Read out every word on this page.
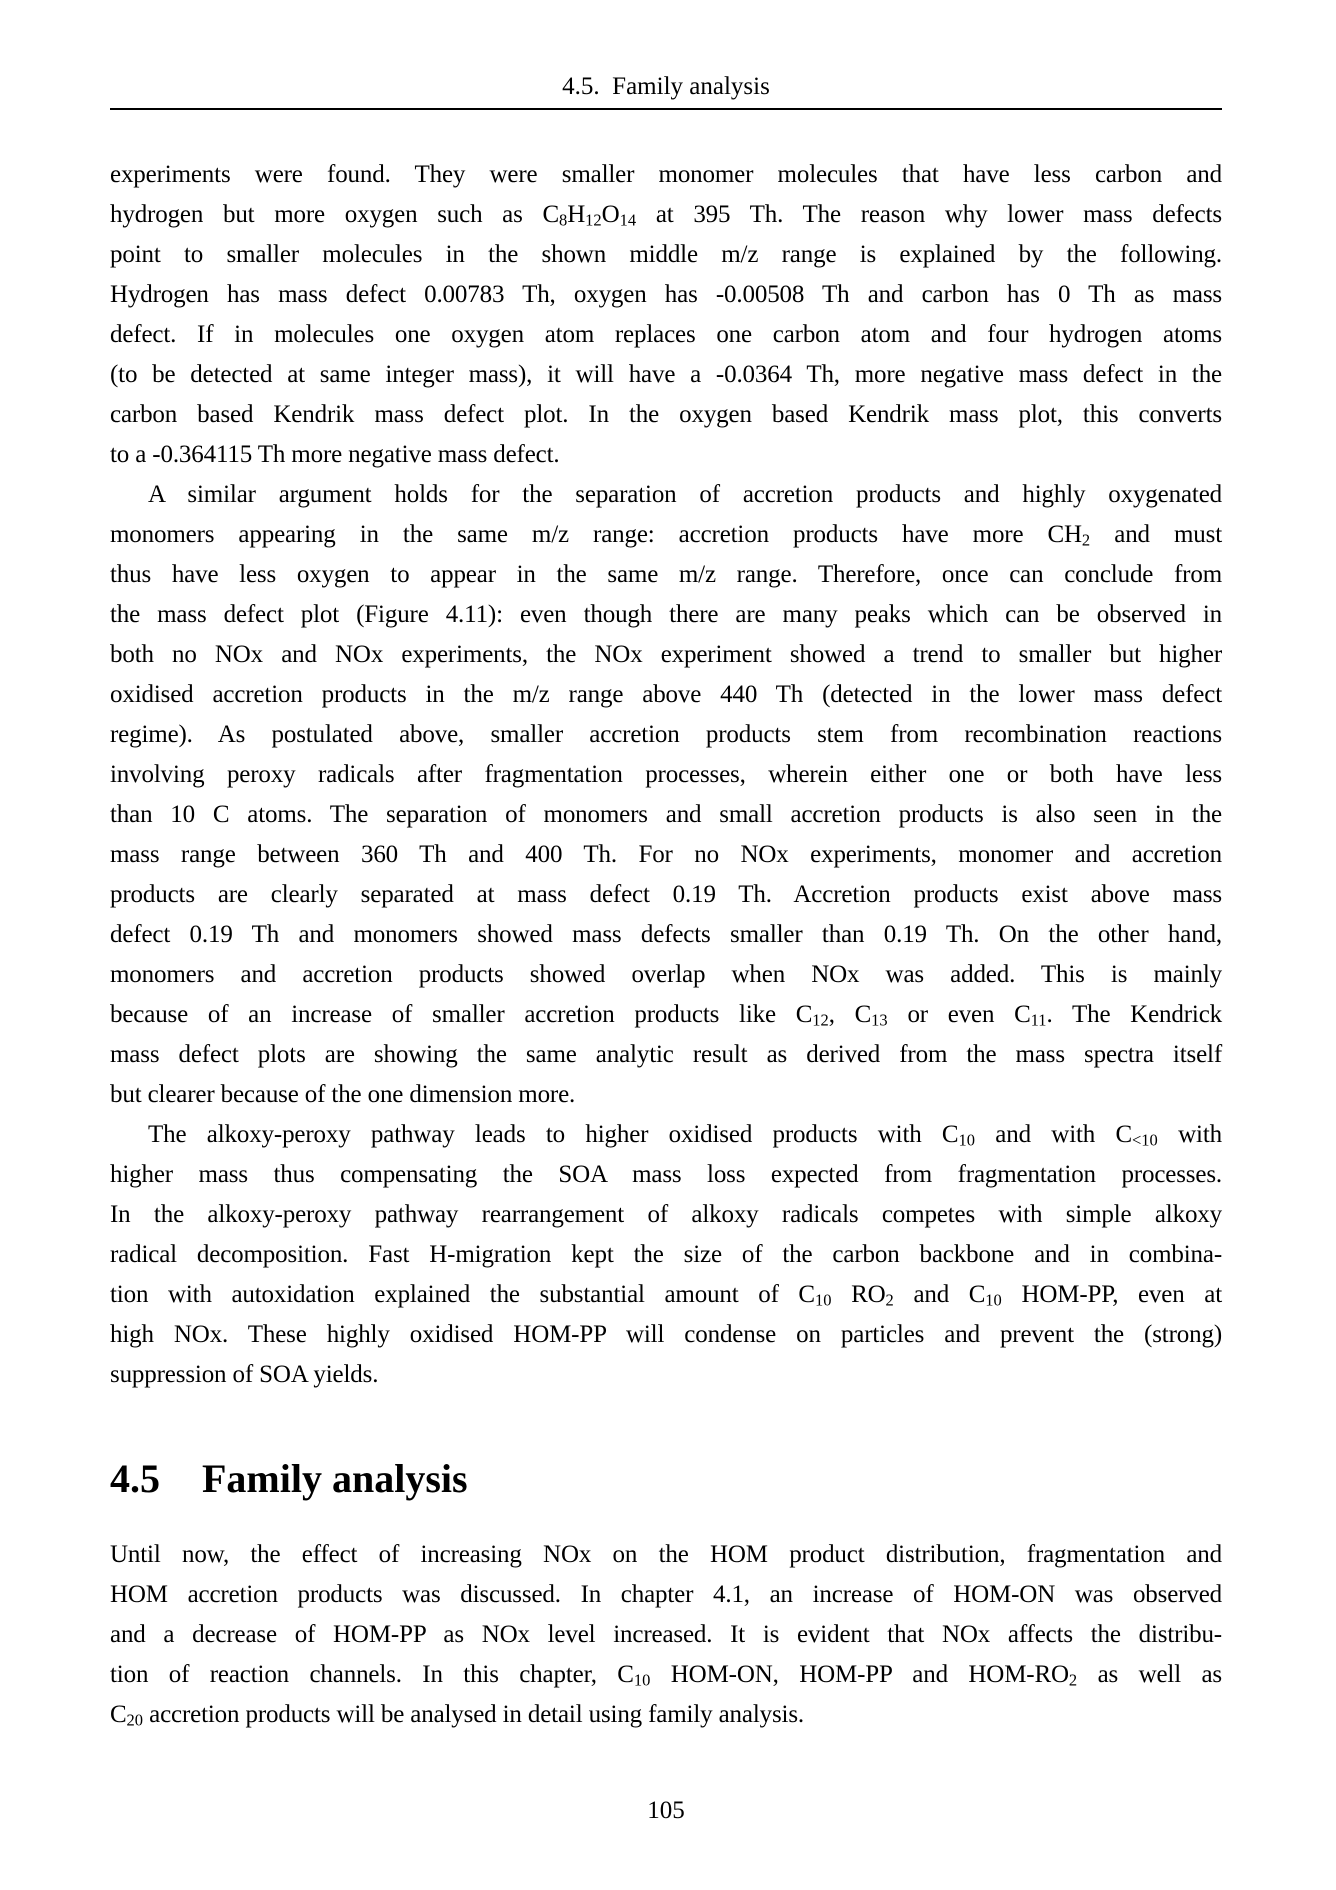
4.5.  Family analysis
experiments were found. They were smaller monomer molecules that have less carbon and
hydrogen but more oxygen such as $C_8H_{12}O_{14}$ at 395 Th. The reason why lower mass defects
point to smaller molecules in the shown middle m/z range is explained by the following.
Hydrogen has mass defect 0.00783 Th, oxygen has -0.00508 Th and carbon has 0 Th as mass
defect. If in molecules one oxygen atom replaces one carbon atom and four hydrogen atoms
(to be detected at same integer mass), it will have a -0.0364 Th, more negative mass defect in the
carbon based Kendrik mass defect plot. In the oxygen based Kendrik mass plot, this converts
to a -0.364115 Th more negative mass defect.
A similar argument holds for the separation of accretion products and highly oxygenated
monomers appearing in the same m/z range: accretion products have more $CH_2$ and must
thus have less oxygen to appear in the same m/z range. Therefore, once can conclude from
the mass defect plot (Figure 4.11): even though there are many peaks which can be observed in
both no NOx and NOx experiments, the NOx experiment showed a trend to smaller but higher
oxidised accretion products in the m/z range above 440 Th (detected in the lower mass defect
regime). As postulated above, smaller accretion products stem from recombination reactions
involving peroxy radicals after fragmentation processes, wherein either one or both have less
than 10 C atoms. The separation of monomers and small accretion products is also seen in the
mass range between 360 Th and 400 Th. For no NOx experiments, monomer and accretion
products are clearly separated at mass defect 0.19 Th. Accretion products exist above mass
defect 0.19 Th and monomers showed mass defects smaller than 0.19 Th. On the other hand,
monomers and accretion products showed overlap when NOx was added. This is mainly
because of an increase of smaller accretion products like $C_{12}$, $C_{13}$ or even $C_{11}$. The Kendrick
mass defect plots are showing the same analytic result as derived from the mass spectra itself
but clearer because of the one dimension more.
The alkoxy-peroxy pathway leads to higher oxidised products with $C_{10}$ and with $C_{<10}$ with
higher mass thus compensating the SOA mass loss expected from fragmentation processes.
In the alkoxy-peroxy pathway rearrangement of alkoxy radicals competes with simple alkoxy
radical decomposition. Fast H-migration kept the size of the carbon backbone and in combina-
tion with autoxidation explained the substantial amount of $C_{10}$ $RO_2$ and $C_{10}$ HOM-PP, even at
high NOx. These highly oxidised HOM-PP will condense on particles and prevent the (strong)
suppression of SOA yields.
4.5 Family analysis
Until now, the effect of increasing NOx on the HOM product distribution, fragmentation and
HOM accretion products was discussed. In chapter 4.1, an increase of HOM-ON was observed
and a decrease of HOM-PP as NOx level increased. It is evident that NOx affects the distribu-
tion of reaction channels. In this chapter, $C_{10}$ HOM-ON, HOM-PP and HOM-$RO_2$ as well as
$C_{20}$ accretion products will be analysed in detail using family analysis.
105
